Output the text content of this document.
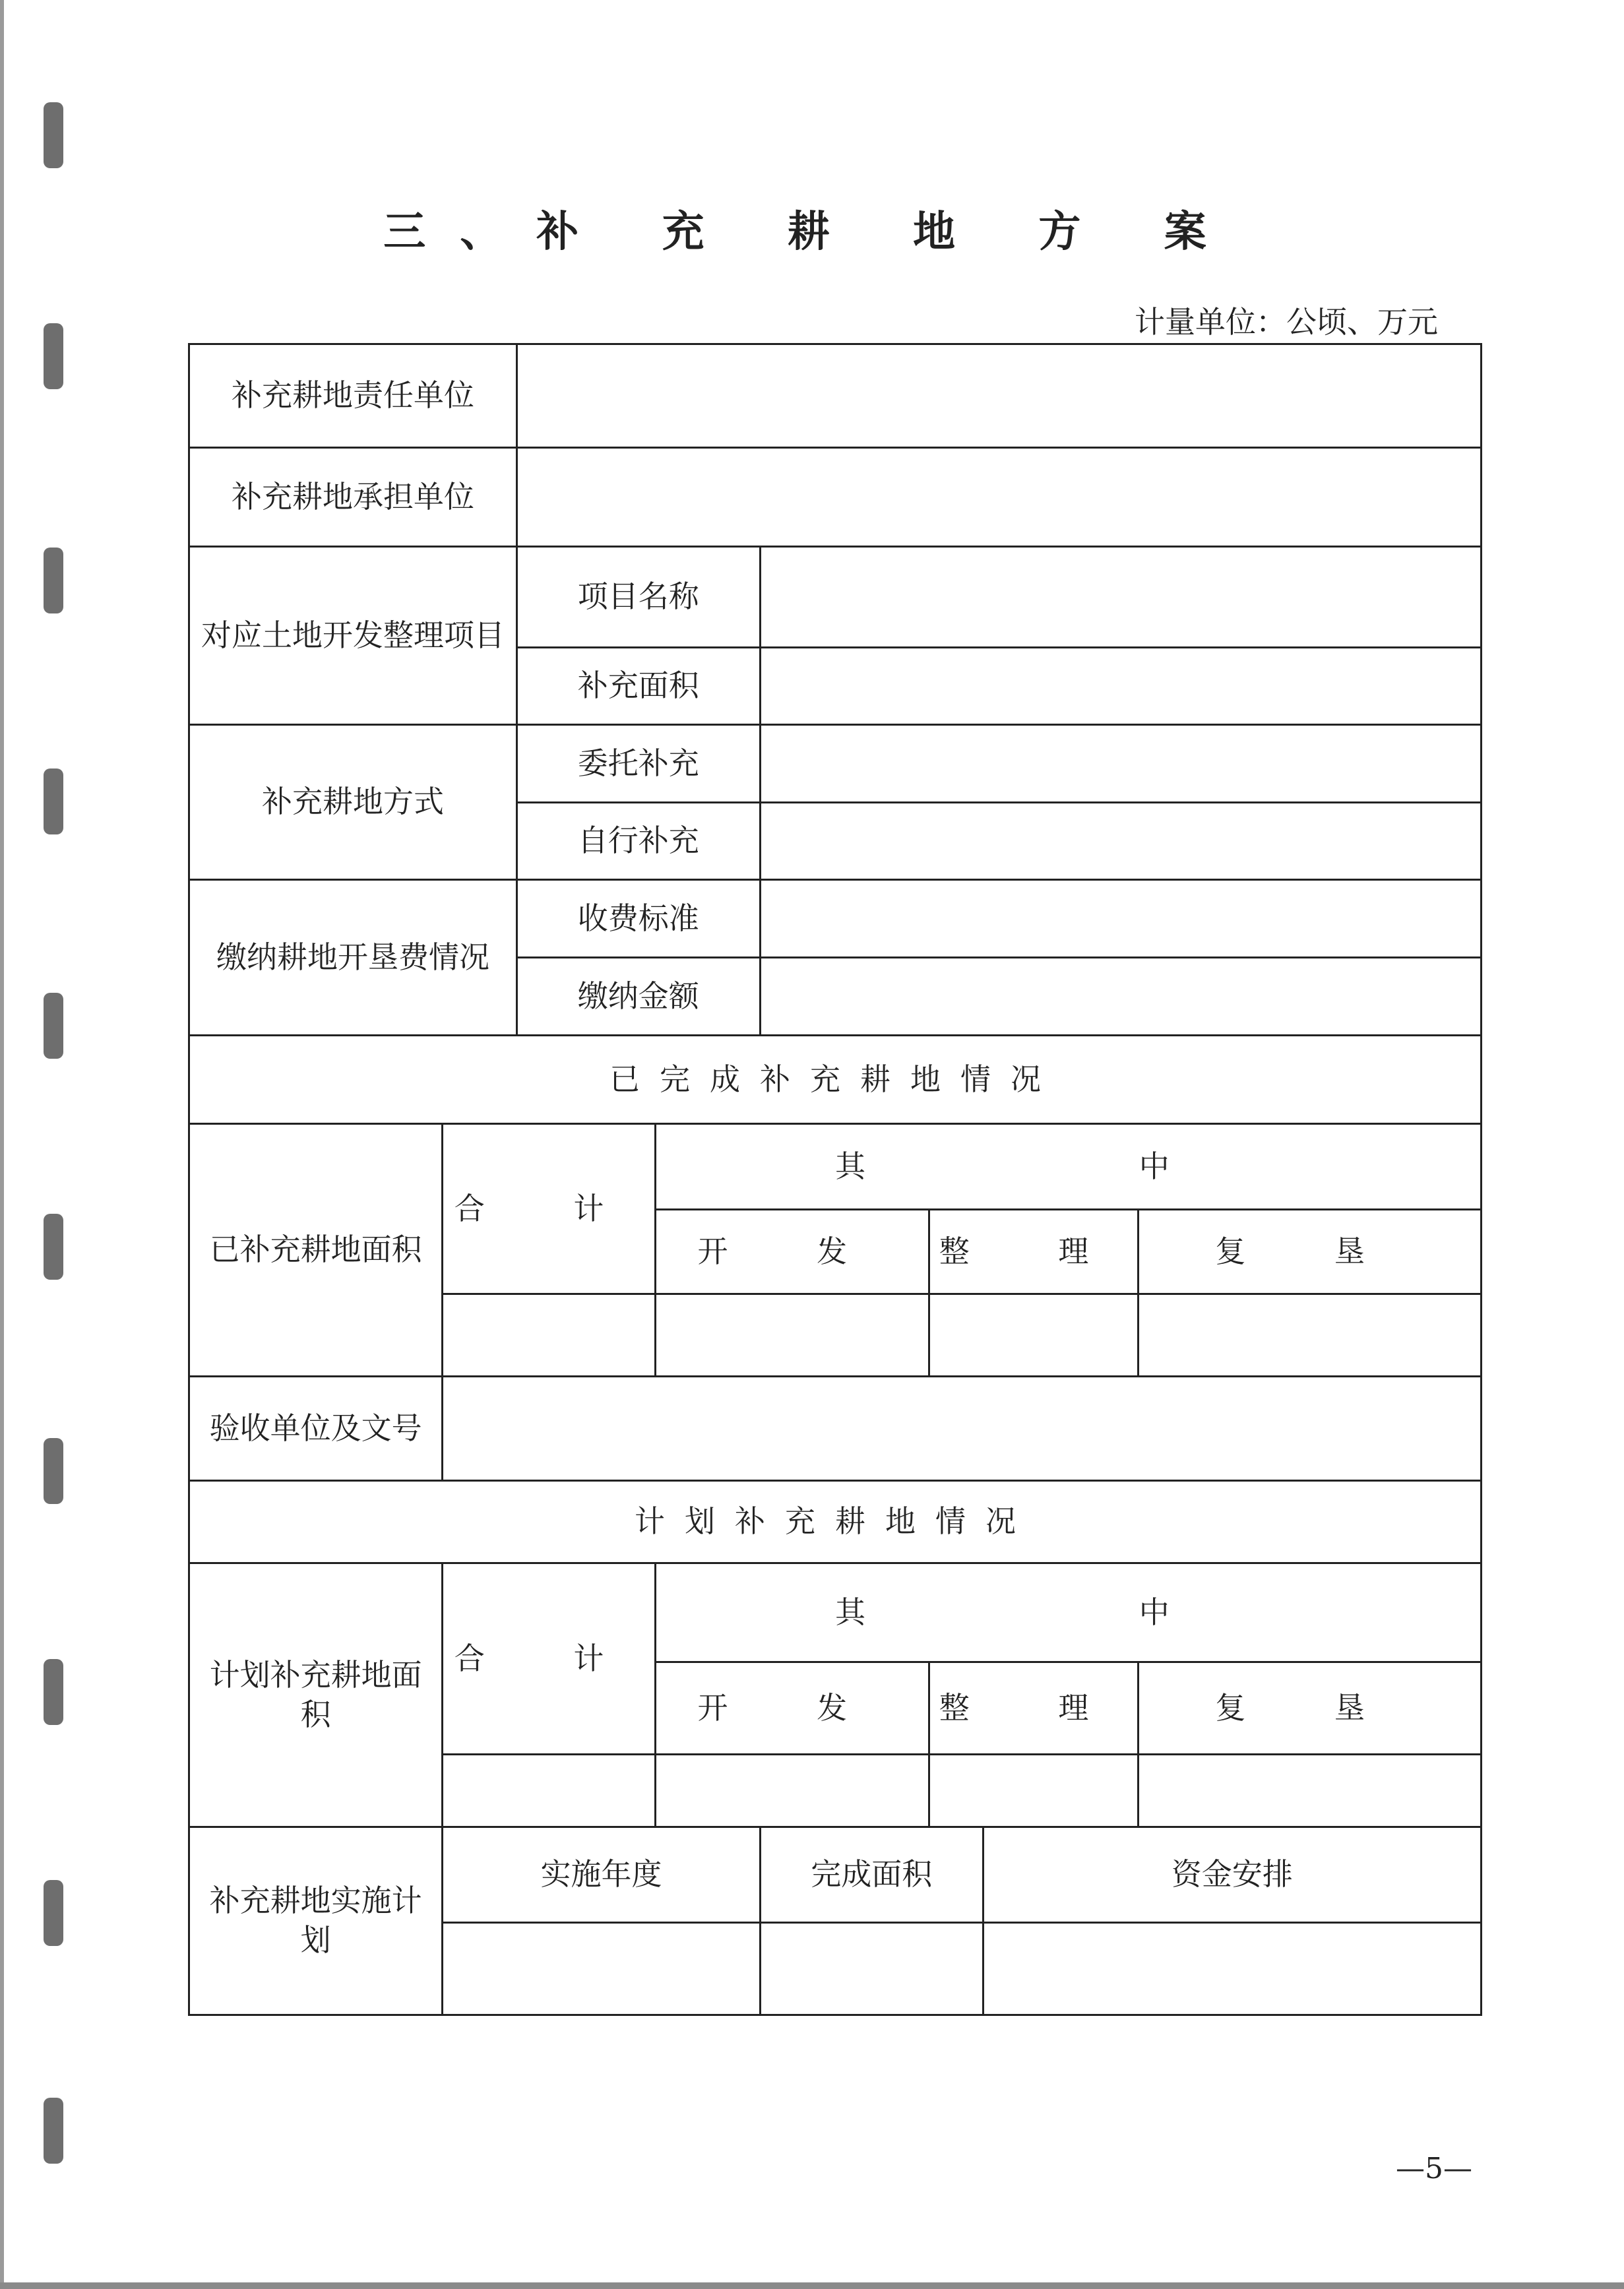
三、补 充 耕 地 方 案
计量单位：公顷、万元
补充耕地责任单位							
补充耕地承担单位							
对应土地开发整理项目		项目名称					
		补充面积					
补充耕地方式		委托补充					
		自行补充					
缴纳耕地开垦费情况		收费标准					
		缴纳金额					
已完成补充耕地情况							
已补充耕地面积	合 计		其 中				
			开 发		整 理		复 垦

验收单位及文号							
计划补充耕地情况							
计划补充耕地面积	合 计		其 中				
			开 发		整 理		复 垦

补充耕地实施计划	实施年度			完成面积		资金安排	

—5—
